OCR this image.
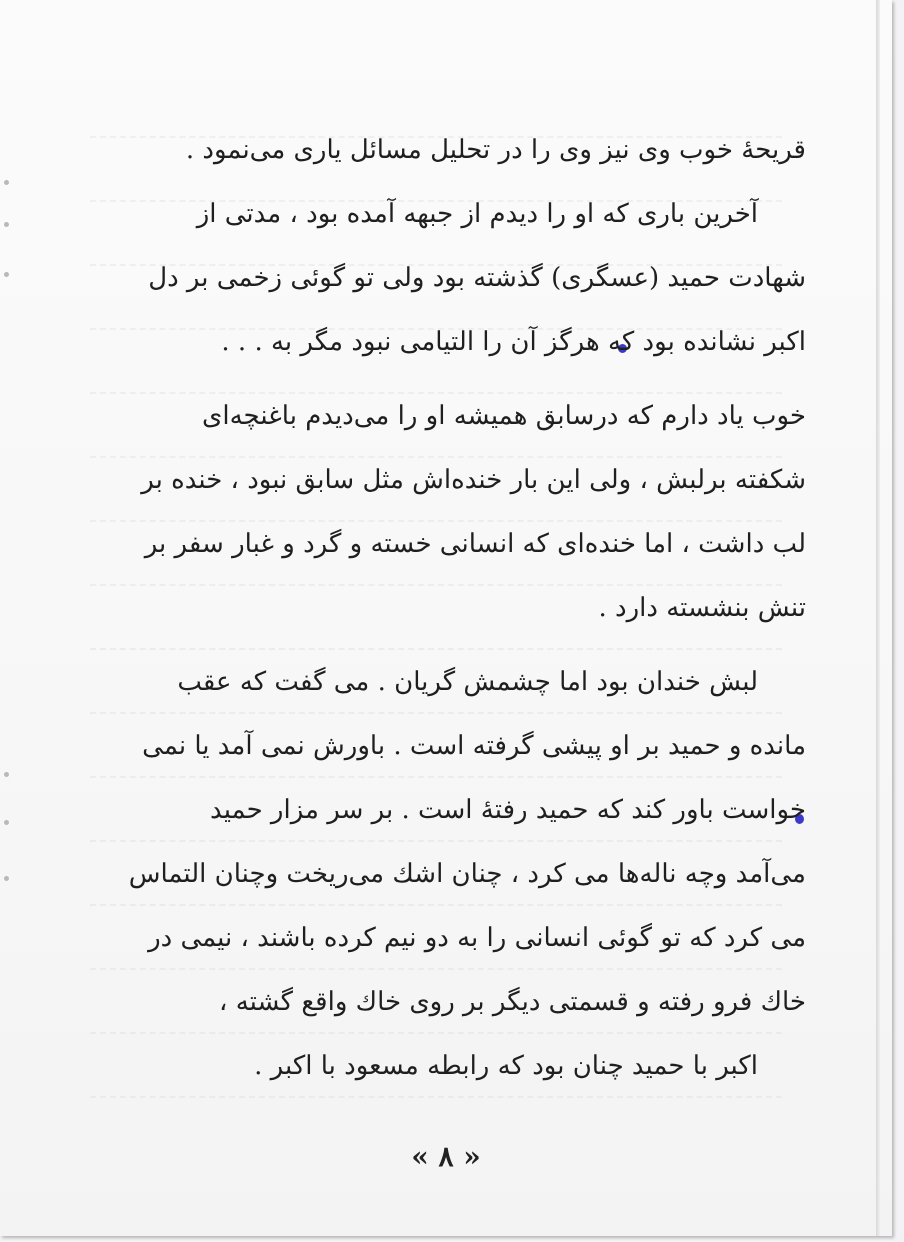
قریحهٔ خوب وی نیز وی را در تحلیل مسائل یاری می‌نمود .
آخرین باری که او را دیدم از جبهه آمده بود ، مدتی از
شهادت حمید (عسگری) گذشته بود ولی تو گوئی زخمی بر دل
اکبر نشانده بود که هرگز آن را التیامی نبود مگر به . . .
خوب یاد دارم که درسابق همیشه او را می‌دیدم باغنچه‌ای
شکفته برلبش ، ولی این بار خنده‌اش مثل سابق نبود ، خنده بر
لب داشت ، اما خنده‌ای که انسانی خسته و گرد و غبار سفر بر
تنش بنشسته دارد .
لبش خندان بود اما چشمش گریان . می گفت که عقب
مانده و حمید بر او پیشی گرفته است . باورش نمی آمد یا نمی‌
خواست باور کند که حمید رفتهٔ است . بر سر مزار حمید
می‌آمد وچه ناله‌ها می کرد ، چنان اشك می‌ریخت وچنان التماس
می کرد که تو گوئی انسانی را به دو نیم کرده باشند ، نیمی در
خاك فرو رفته و قسمتی دیگر بر روی خاك واقع گشته ،
اکبر با حمید چنان بود که رابطه مسعود با اکبر .
« ۸ »
